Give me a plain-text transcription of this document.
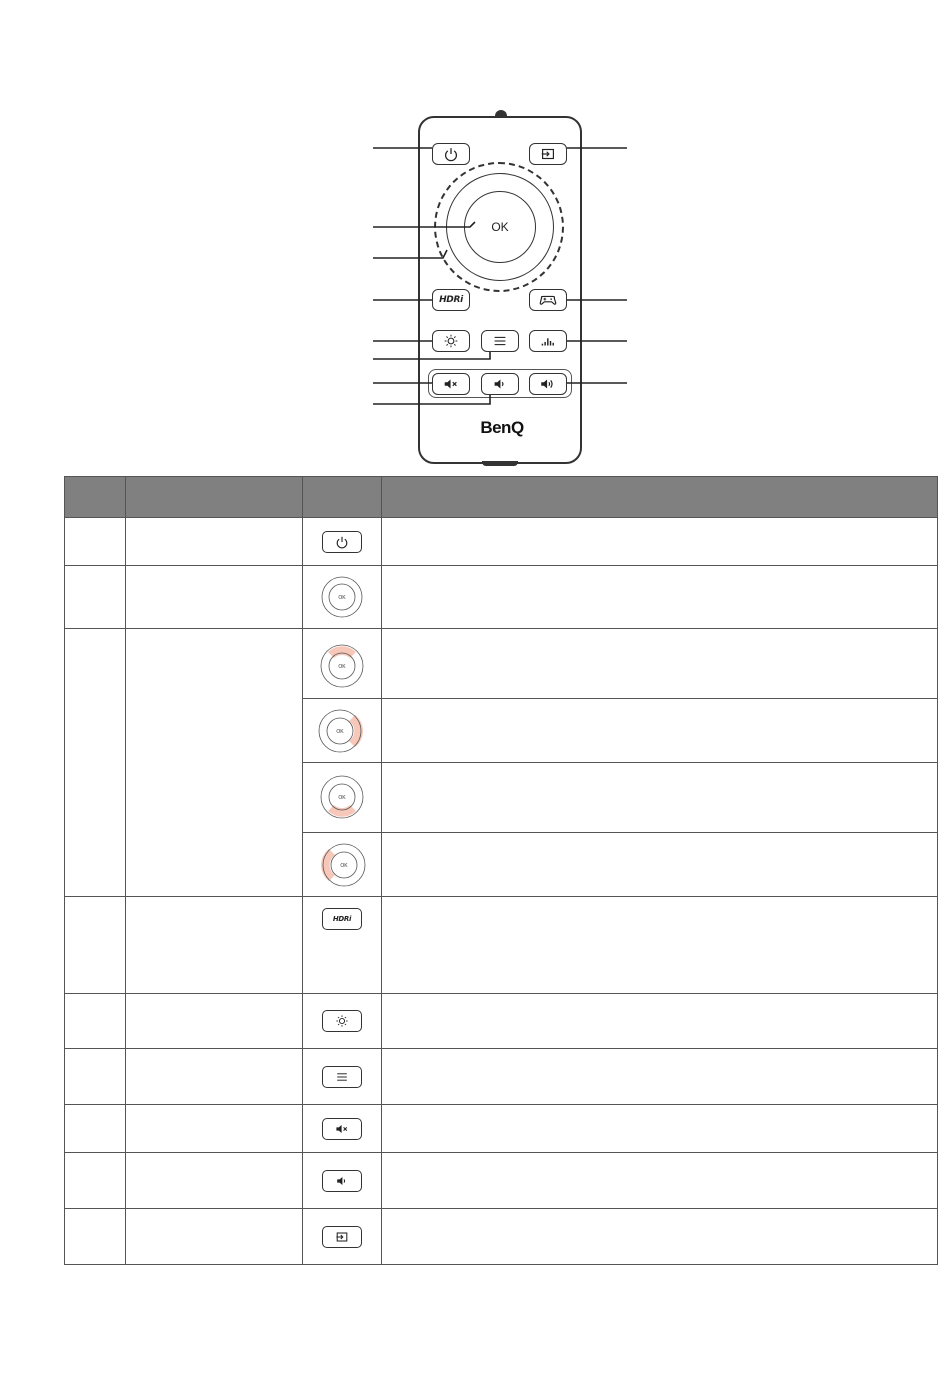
OK
HDRi
BenQ

OK	

OK	

OK	

OK	

OK	

		HDRi	
